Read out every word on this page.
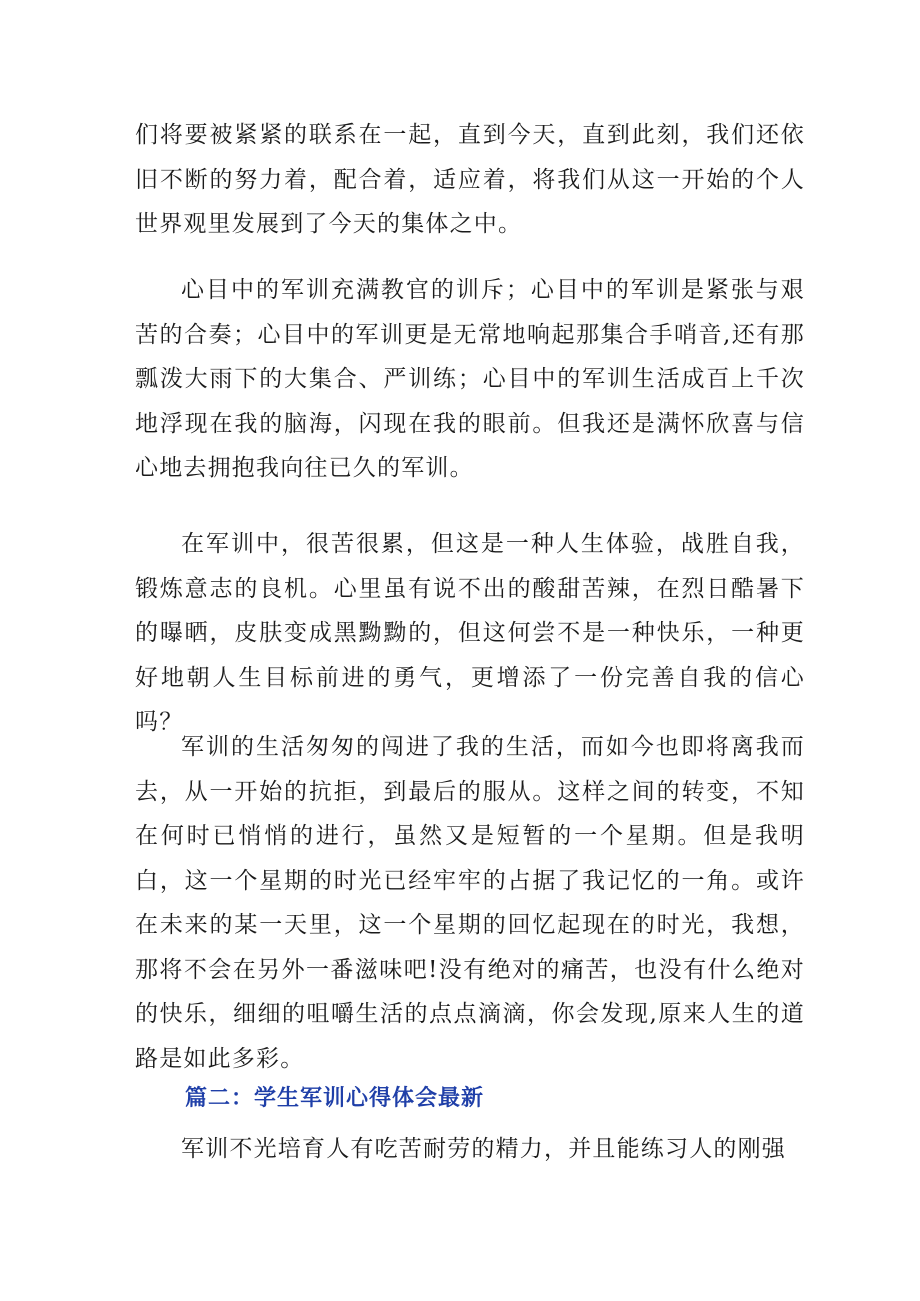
们将要被紧紧的联系在一起，直到今天，直到此刻，我们还依旧不断的努力着，配合着，适应着，将我们从这一开始的个人世界观里发展到了今天的集体之中。

心目中的军训充满教官的训斥；心目中的军训是紧张与艰苦的合奏；心目中的军训更是无常地响起那集合手哨音,还有那瓢泼大雨下的大集合、严训练；心目中的军训生活成百上千次地浮现在我的脑海，闪现在我的眼前。但我还是满怀欣喜与信心地去拥抱我向往已久的军训。

在军训中，很苦很累，但这是一种人生体验，战胜自我，锻炼意志的良机。心里虽有说不出的酸甜苦辣，在烈日酷暑下的曝晒，皮肤变成黑黝黝的，但这何尝不是一种快乐，一种更好地朝人生目标前进的勇气，更增添了一份完善自我的信心吗？

军训的生活匆匆的闯进了我的生活，而如今也即将离我而去，从一开始的抗拒，到最后的服从。这样之间的转变，不知在何时已悄悄的进行，虽然又是短暂的一个星期。但是我明白，这一个星期的时光已经牢牢的占据了我记忆的一角。或许在未来的某一天里，这一个星期的回忆起现在的时光，我想，那将不会在另外一番滋味吧!没有绝对的痛苦，也没有什么绝对的快乐，细细的咀嚼生活的点点滴滴，你会发现,原来人生的道路是如此多彩。

篇二：学生军训心得体会最新

军训不光培育人有吃苦耐劳的精力，并且能练习人的刚强
